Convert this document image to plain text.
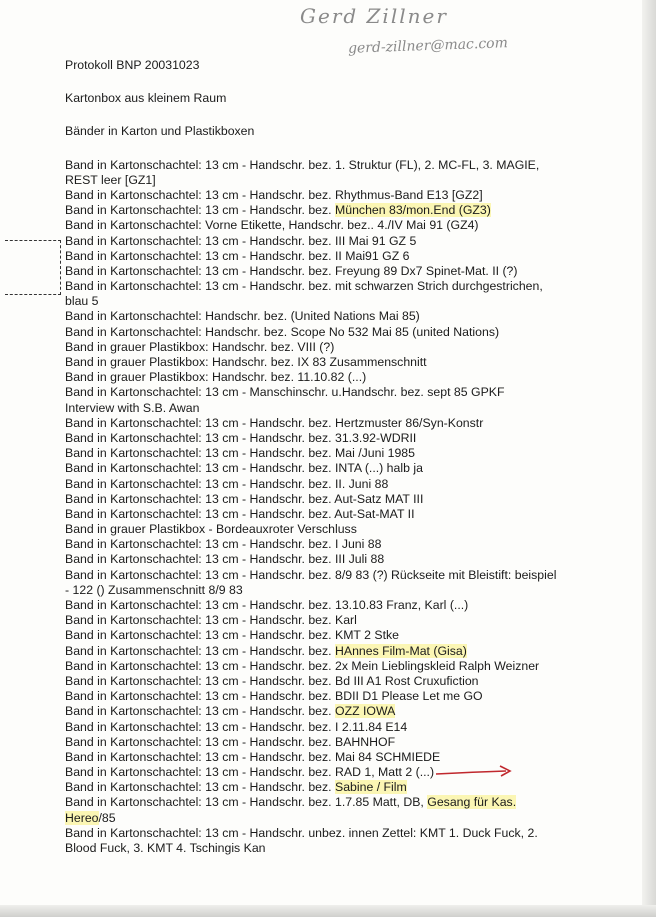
Gerd Zillner
gerd-zillner@mac.com
Protokoll BNP 20031023
Kartonbox aus kleinem Raum
Bänder in Karton und Plastikboxen
Band in Kartonschachtel: 13 cm - Handschr. bez. 1. Struktur (FL), 2. MC-FL, 3. MAGIE,
REST leer [GZ1]
Band in Kartonschachtel: 13 cm - Handschr. bez. Rhythmus-Band E13 [GZ2]
Band in Kartonschachtel: 13 cm - Handschr. bez. München 83/mon.End (GZ3)
Band in Kartonschachtel: Vorne Etikette, Handschr. bez.. 4./IV Mai 91 (GZ4)
Band in Kartonschachtel: 13 cm - Handschr. bez. III Mai 91 GZ 5
Band in Kartonschachtel: 13 cm - Handschr. bez. II Mai91 GZ 6
Band in Kartonschachtel: 13 cm - Handschr. bez. Freyung 89 Dx7 Spinet-Mat. II (?)
Band in Kartonschachtel: 13 cm - Handschr. bez. mit schwarzen Strich durchgestrichen,
blau 5
Band in Kartonschachtel: Handschr. bez. (United Nations Mai 85)
Band in Kartonschachtel: Handschr. bez. Scope No 532 Mai 85 (united Nations)
Band in grauer Plastikbox: Handschr. bez. VIII (?)
Band in grauer Plastikbox: Handschr. bez. IX 83 Zusammenschnitt
Band in grauer Plastikbox: Handschr. bez. 11.10.82 (...)
Band in Kartonschachtel: 13 cm - Manschinschr. u.Handschr. bez. sept 85 GPKF
Interview with S.B. Awan
Band in Kartonschachtel: 13 cm - Handschr. bez. Hertzmuster 86/Syn-Konstr
Band in Kartonschachtel: 13 cm - Handschr. bez. 31.3.92-WDRII
Band in Kartonschachtel: 13 cm - Handschr. bez. Mai /Juni 1985
Band in Kartonschachtel: 13 cm - Handschr. bez. INTA (...) halb ja
Band in Kartonschachtel: 13 cm - Handschr. bez. II. Juni 88
Band in Kartonschachtel: 13 cm - Handschr. bez. Aut-Satz MAT III
Band in Kartonschachtel: 13 cm - Handschr. bez. Aut-Sat-MAT II
Band in grauer Plastikbox - Bordeauxroter Verschluss
Band in Kartonschachtel: 13 cm - Handschr. bez. I Juni 88
Band in Kartonschachtel: 13 cm - Handschr. bez. III Juli 88
Band in Kartonschachtel: 13 cm - Handschr. bez. 8/9 83 (?) Rückseite mit Bleistift: beispiel
- 122 () Zusammenschnitt 8/9 83
Band in Kartonschachtel: 13 cm - Handschr. bez. 13.10.83 Franz, Karl (...)
Band in Kartonschachtel: 13 cm - Handschr. bez. Karl
Band in Kartonschachtel: 13 cm - Handschr. bez. KMT 2 Stke
Band in Kartonschachtel: 13 cm - Handschr. bez. HAnnes Film-Mat (Gisa)
Band in Kartonschachtel: 13 cm - Handschr. bez. 2x Mein Lieblingskleid Ralph Weizner
Band in Kartonschachtel: 13 cm - Handschr. bez. Bd III A1 Rost Cruxufiction
Band in Kartonschachtel: 13 cm - Handschr. bez. BDII D1 Please Let me GO
Band in Kartonschachtel: 13 cm - Handschr. bez. OZZ IOWA
Band in Kartonschachtel: 13 cm - Handschr. bez. I 2.11.84 E14
Band in Kartonschachtel: 13 cm - Handschr. bez. BAHNHOF
Band in Kartonschachtel: 13 cm - Handschr. bez. Mai 84 SCHMIEDE
Band in Kartonschachtel: 13 cm - Handschr. bez. RAD 1, Matt 2 (...)
Band in Kartonschachtel: 13 cm - Handschr. bez. Sabine / Film
Band in Kartonschachtel: 13 cm - Handschr. bez. 1.7.85 Matt, DB, Gesang für Kas.
Hereo/85
Band in Kartonschachtel: 13 cm - Handschr. unbez. innen Zettel: KMT 1. Duck Fuck, 2.
Blood Fuck, 3. KMT 4. Tschingis Kan
